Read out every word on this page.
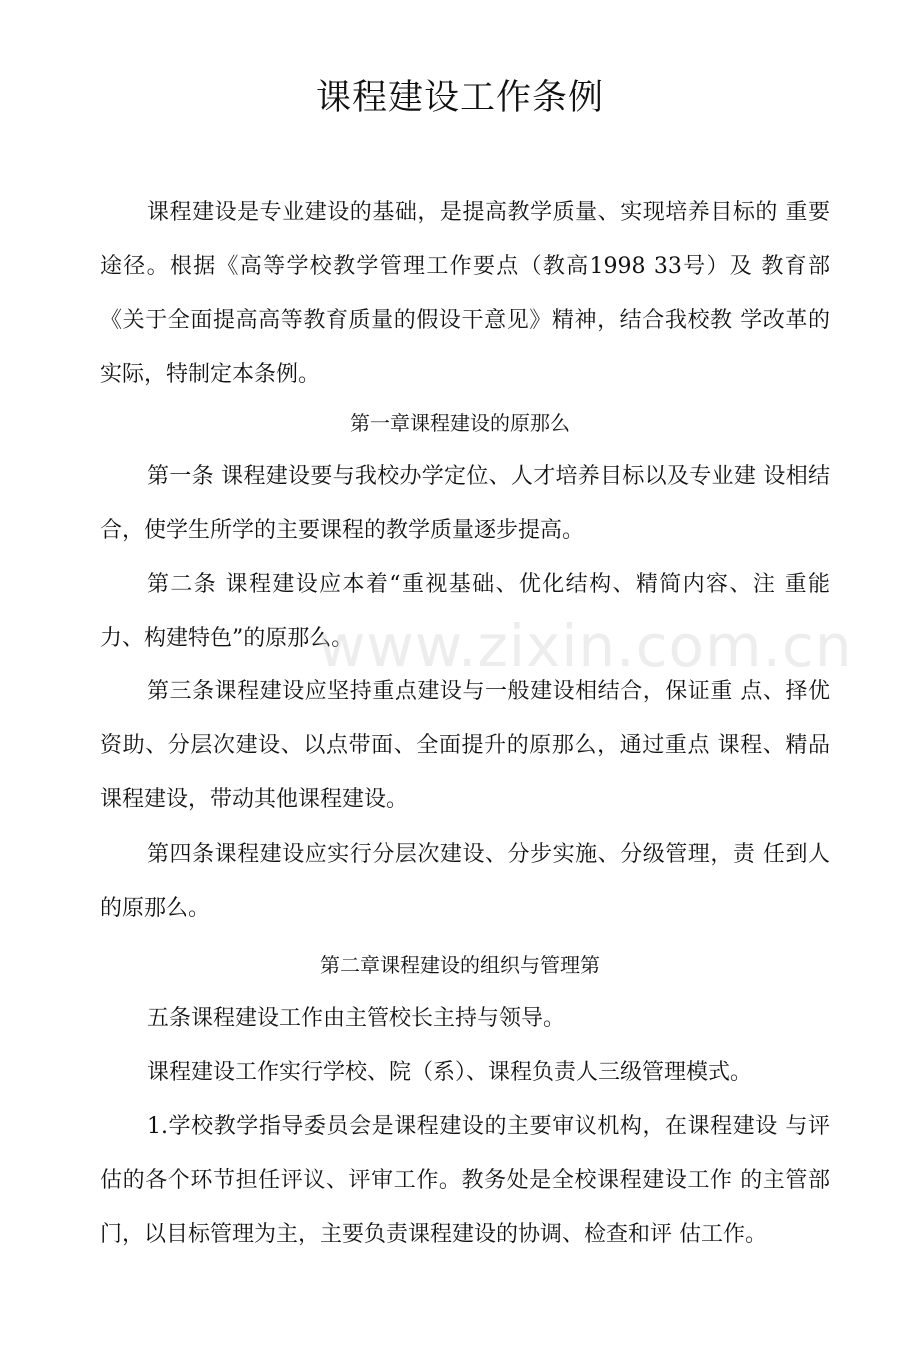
课程建设工作条例

课程建设是专业建设的基础，是提高教学质量、实现培养目标的 重要途径。根据《高等学校教学管理工作要点（教高1998 33号）及 教育部《关于全面提高高等教育质量的假设干意见》精神，结合我校教 学改革的实际，特制定本条例。

第一章课程建设的原那么

第一条 课程建设要与我校办学定位、人才培养目标以及专业建 设相结合，使学生所学的主要课程的教学质量逐步提高。

第二条 课程建设应本着“重视基础、优化结构、精简内容、注 重能力、构建特色”的原那么。

第三条课程建设应坚持重点建设与一般建设相结合，保证重 点、择优资助、分层次建设、以点带面、全面提升的原那么，通过重点 课程、精品课程建设，带动其他课程建设。

第四条课程建设应实行分层次建设、分步实施、分级管理，责 任到人的原那么。

第二章课程建设的组织与管理第

五条课程建设工作由主管校长主持与领导。

课程建设工作实行学校、院（系）、课程负责人三级管理模式。

1.学校教学指导委员会是课程建设的主要审议机构，在课程建设 与评估的各个环节担任评议、评审工作。教务处是全校课程建设工作 的主管部门，以目标管理为主，主要负责课程建设的协调、检查和评 估工作。

www.zixin.com.cn
